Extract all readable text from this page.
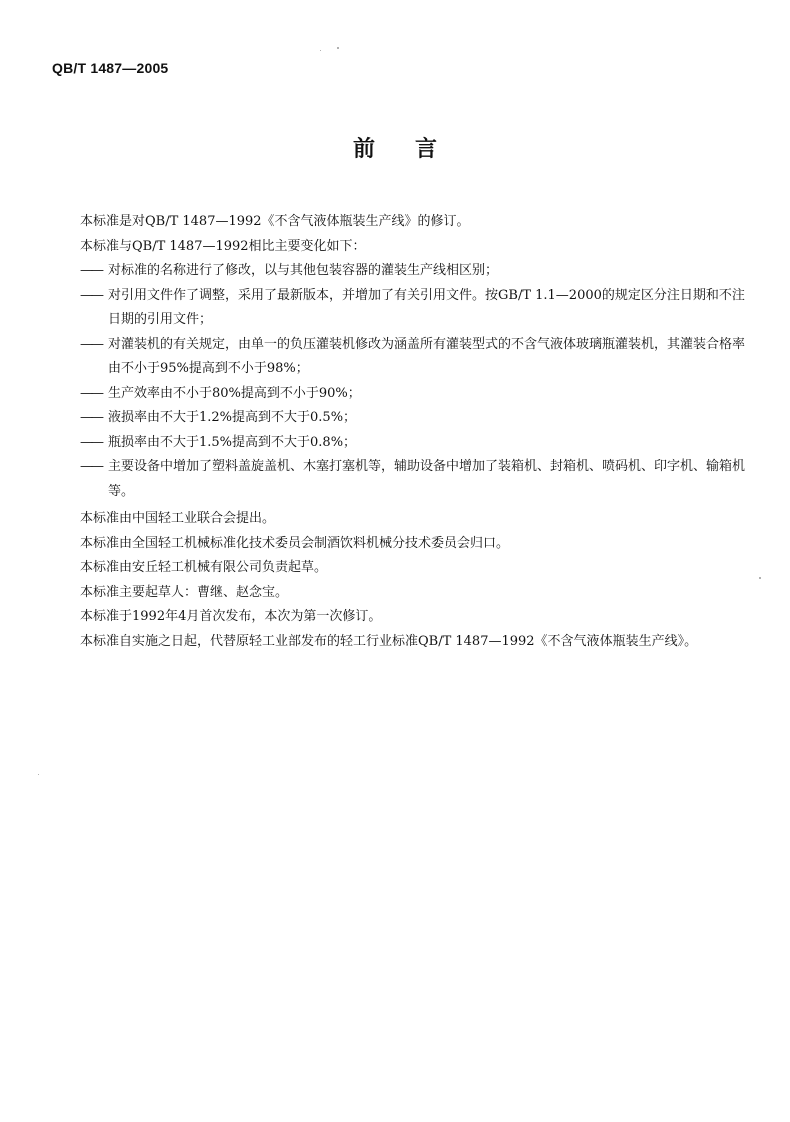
QB/T 1487—2005
前言

本标准是对QB/T 1487—1992《不含气液体瓶装生产线》的修订。

本标准与QB/T 1487—1992相比主要变化如下：

—— 对标准的名称进行了修改，以与其他包装容器的灌装生产线相区别；

—— 对引用文件作了调整，采用了最新版本，并增加了有关引用文件。按GB/T 1.1—2000的规定区分注日期和不注日期的引用文件；

—— 对灌装机的有关规定，由单一的负压灌装机修改为涵盖所有灌装型式的不含气液体玻璃瓶灌装机，其灌装合格率由不小于95%提高到不小于98%；

—— 生产效率由不小于80%提高到不小于90%；

—— 液损率由不大于1.2%提高到不大于0.5%；

—— 瓶损率由不大于1.5%提高到不大于0.8%；

—— 主要设备中增加了塑料盖旋盖机、木塞打塞机等，辅助设备中增加了装箱机、封箱机、喷码机、印字机、输箱机等。

本标准由中国轻工业联合会提出。

本标准由全国轻工机械标准化技术委员会制酒饮料机械分技术委员会归口。

本标准由安丘轻工机械有限公司负责起草。

本标准主要起草人：曹继、赵念宝。

本标准于1992年4月首次发布，本次为第一次修订。

本标准自实施之日起，代替原轻工业部发布的轻工行业标准QB/T 1487—1992《不含气液体瓶装生产线》。
